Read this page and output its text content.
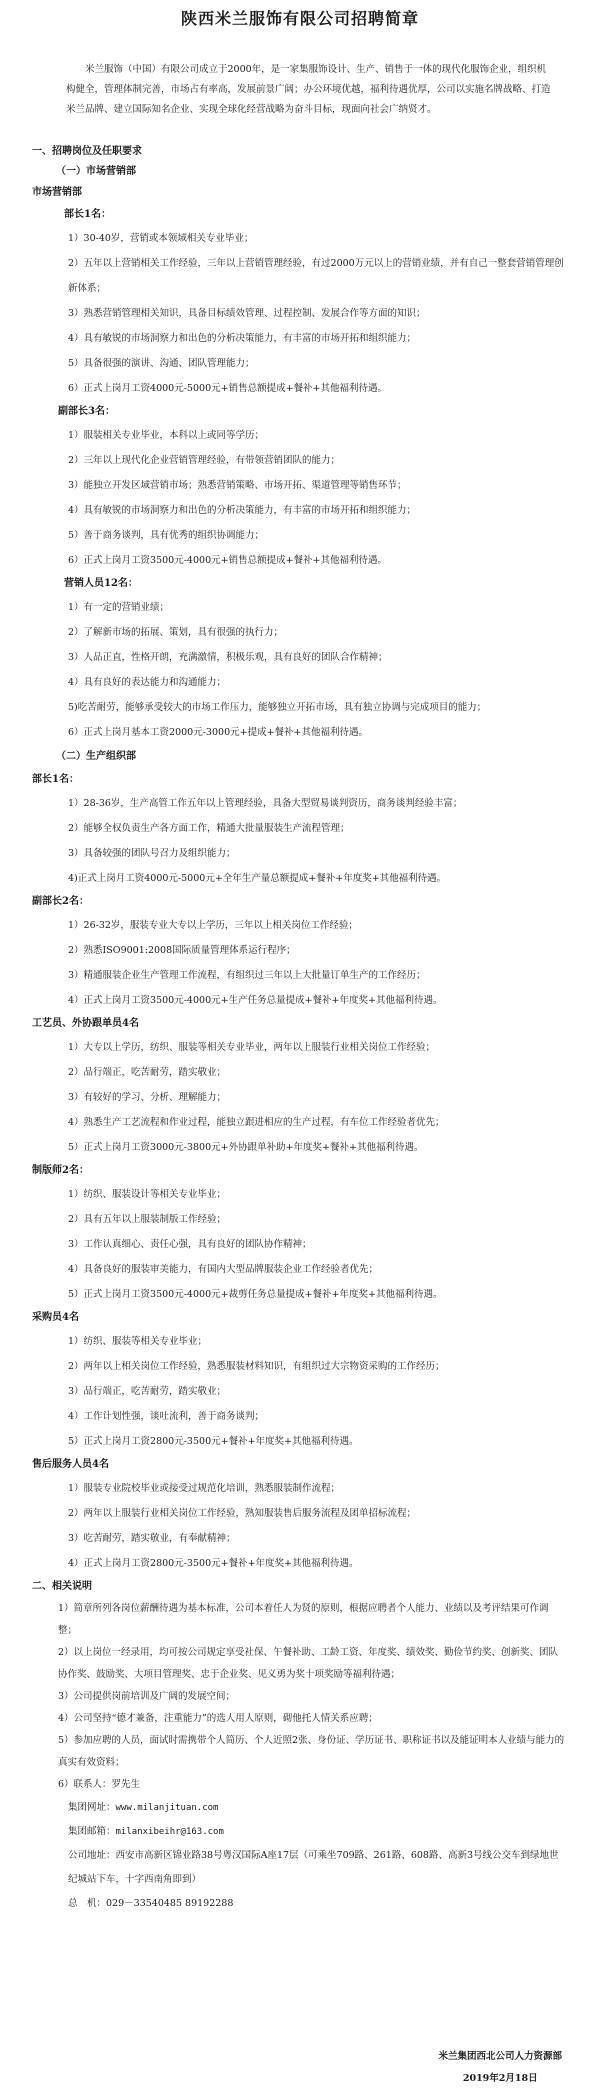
陕西米兰服饰有限公司招聘简章

米兰服饰（中国）有限公司成立于2000年，是一家集服饰设计、生产、销售于一体的现代化服饰企业，组织机构健全，管理体制完善，市场占有率高，发展前景广阔；办公环境优越，福利待遇优厚，公司以实施名牌战略、打造米兰品牌、建立国际知名企业、实现全球化经营战略为奋斗目标，现面向社会广纳贤才。

一、招聘岗位及任职要求
（一）市场营销部
市场营销部
部长1名：
1）30-40岁，营销或本领域相关专业毕业；
2）五年以上营销相关工作经验，三年以上营销管理经验，有过2000万元以上的营销业绩，并有自己一整套营销管理创新体系；
3）熟悉营销管理相关知识，具备目标绩效管理、过程控制、发展合作等方面的知识；
4）具有敏锐的市场洞察力和出色的分析决策能力，有丰富的市场开拓和组织能力；
5）具备很强的演讲、沟通、团队管理能力；
6）正式上岗月工资4000元-5000元+销售总额提成+餐补+其他福利待遇。
副部长3名：
1）服装相关专业毕业，本科以上或同等学历；
2）三年以上现代化企业营销管理经验，有带领营销团队的能力；
3）能独立开发区域营销市场；熟悉营销策略、市场开拓、渠道管理等销售环节；
4）具有敏锐的市场洞察力和出色的分析决策能力，有丰富的市场开拓和组织能力；
5）善于商务谈判，具有优秀的组织协调能力；
6）正式上岗月工资3500元-4000元+销售总额提成+餐补+其他福利待遇。
营销人员12名：
1）有一定的营销业绩；
2）了解新市场的拓展、策划，具有很强的执行力；
3）人品正直，性格开朗，充满激情，积极乐观，具有良好的团队合作精神；
4）具有良好的表达能力和沟通能力；
5)吃苦耐劳，能够承受较大的市场工作压力，能够独立开拓市场，具有独立协调与完成项目的能力；
6）正式上岗月基本工资2000元-3000元+提成+餐补+其他福利待遇。
（二）生产组织部
部长1名：
1）28-36岁，生产高管工作五年以上管理经验，具备大型贸易谈判资历，商务谈判经验丰富；
2）能够全权负责生产各方面工作，精通大批量服装生产流程管理；
3）具备较强的团队号召力及组织能力；
4)正式上岗月工资4000元-5000元+全年生产量总额提成+餐补+年度奖+其他福利待遇。
副部长2名：
1）26-32岁，服装专业大专以上学历，三年以上相关岗位工作经验；
2）熟悉ISO9001:2008国际质量管理体系运行程序；
3）精通服装企业生产管理工作流程，有组织过三年以上大批量订单生产的工作经历；
4）正式上岗月工资3500元-4000元+生产任务总量提成+餐补+年度奖+其他福利待遇。
工艺员、外协跟单员4名
1）大专以上学历，纺织、服装等相关专业毕业，两年以上服装行业相关岗位工作经验；
2）品行端正，吃苦耐劳，踏实敬业；
3）有较好的学习、分析、理解能力；
4）熟悉生产工艺流程和作业过程，能独立跟进相应的生产过程，有车位工作经验者优先；
5）正式上岗月工资3000元-3800元+外协跟单补助+年度奖+餐补+其他福利待遇。
制版师2名：
1）纺织、服装设计等相关专业毕业；
2）具有五年以上服装制版工作经验；
3）工作认真细心、责任心强，具有良好的团队协作精神；
4）具备良好的服装审美能力，有国内大型品牌服装企业工作经验者优先；
5）正式上岗月工资3500元-4000元+裁剪任务总量提成+餐补+年度奖+其他福利待遇。
采购员4名
1）纺织、服装等相关专业毕业；
2）两年以上相关岗位工作经验，熟悉服装材料知识，有组织过大宗物资采购的工作经历；
3）品行端正，吃苦耐劳，踏实敬业；
4）工作计划性强，谈吐流利，善于商务谈判；
5）正式上岗月工资2800元-3500元+餐补+年度奖+其他福利待遇。
售后服务人员4名
1）服装专业院校毕业或接受过规范化培训，熟悉服装制作流程；
2）两年以上服装行业相关岗位工作经验，熟知服装售后服务流程及团单招标流程；
3）吃苦耐劳，踏实敬业，有奉献精神；
4）正式上岗月工资2800元-3500元+餐补+年度奖+其他福利待遇。
二、相关说明
1）简章所列各岗位薪酬待遇为基本标准，公司本着任人为贤的原则，根据应聘者个人能力、业绩以及考评结果可作调整；
2）以上岗位一经录用，均可按公司规定享受社保、午餐补助、工龄工资、年度奖、绩效奖、勤俭节约奖、创新奖、团队协作奖、鼓励奖、大项目管理奖、忠于企业奖、见义勇为奖十项奖励等福利待遇；
3）公司提供岗前培训及广阔的发展空间；
4）公司坚持“德才兼备，注重能力”的选人用人原则，砌他托人情关系应聘；
5）参加应聘的人员，面试时需携带个人简历、个人近照2张、身份证、学历证书、职称证书以及能证明本人业绩与能力的真实有效资料；
6）联系人：罗先生
集团网址：www.milanjituan.com
集团邮箱：milanxibeihr@163.com
公司地址：西安市高新区锦业路38号粤汉国际A座17层（可乘坐709路、261路、608路、高新3号线公交车到绿地世纪城站下车，十字西南角即到）
总　机：029－33540485 89192288
米兰集团西北公司人力资源部
2019年2月18日
